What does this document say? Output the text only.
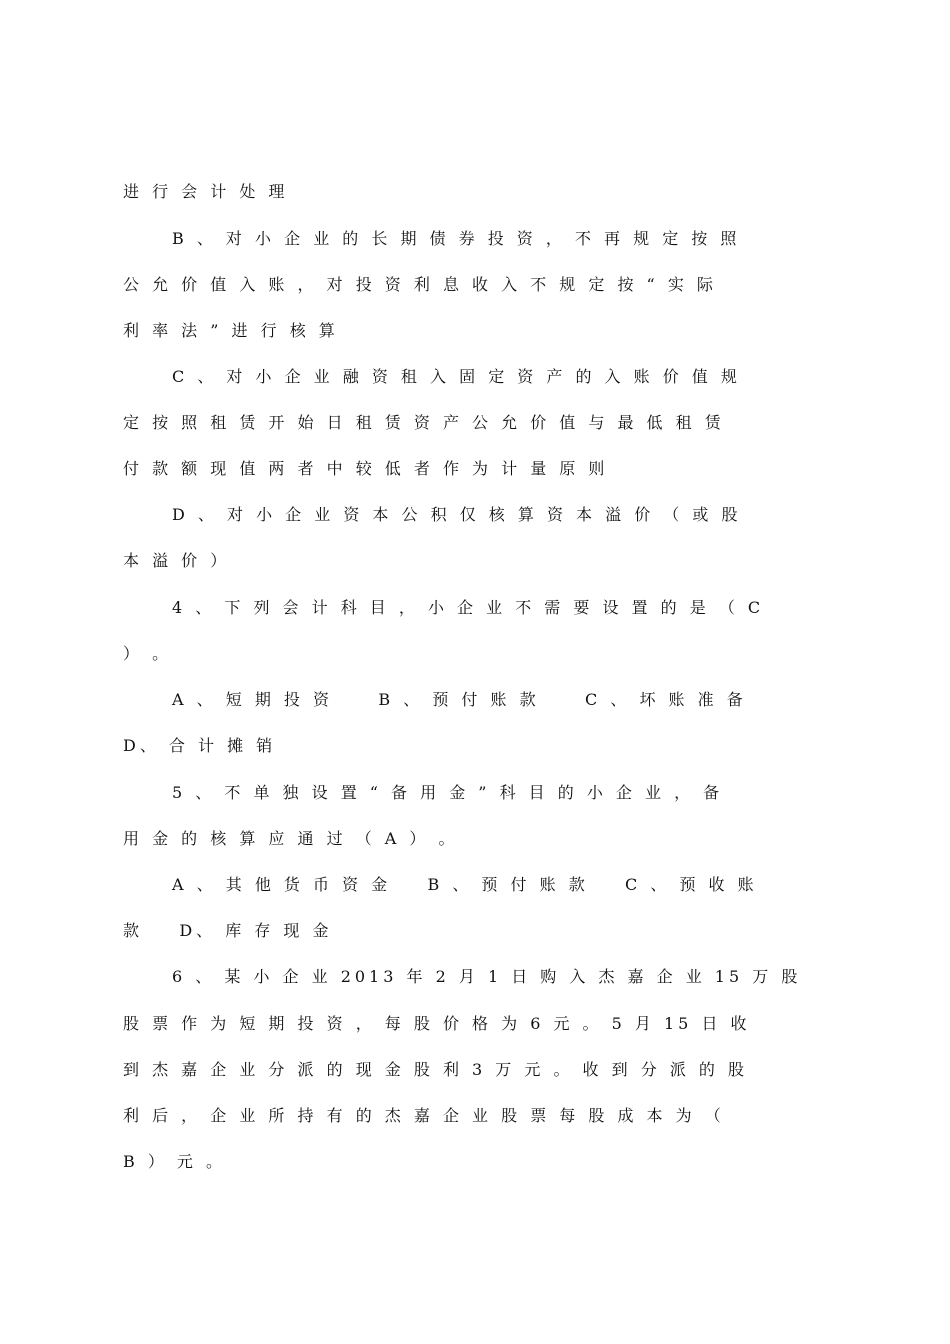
进 行 会 计 处 理
B 、 对 小 企 业 的 长 期 债 券 投 资 ， 不 再 规 定 按 照
公 允 价 值 入 账 ， 对 投 资 利 息 收 入 不 规 定 按 “ 实 际
利 率 法 ” 进 行 核 算
C 、 对 小 企 业 融 资 租 入 固 定 资 产 的 入 账 价 值 规
定 按 照 租 赁 开 始 日 租 赁 资 产 公 允 价 值 与 最 低 租 赁
付 款 额 现 值 两 者 中 较 低 者 作 为 计 量 原 则
D 、 对 小 企 业 资 本 公 积 仅 核 算 资 本 溢 价 （ 或 股
本 溢 价 ）
4 、 下 列 会 计 科 目 ， 小 企 业 不 需 要 设 置 的 是 （ C
） 。
A 、 短 期 投 资     B 、 预 付 账 款     C 、 坏 账 准 备
D、 合 计 摊 销
5 、 不 单 独 设 置 “ 备 用 金 ” 科 目 的 小 企 业 ， 备
用 金 的 核 算 应 通 过 （ A ） 。
A 、 其 他 货 币 资 金    B 、 预 付 账 款    C 、 预 收 账
款    D、 库 存 现 金
6 、 某 小 企 业 2013 年 2 月 1 日 购 入 杰 嘉 企 业 15 万 股
股 票 作 为 短 期 投 资 ， 每 股 价 格 为 6 元 。 5 月 15 日 收
到 杰 嘉 企 业 分 派 的 现 金 股 利 3 万 元 。 收 到 分 派 的 股
利 后 ， 企 业 所 持 有 的 杰 嘉 企 业 股 票 每 股 成 本 为 （
B ） 元 。
